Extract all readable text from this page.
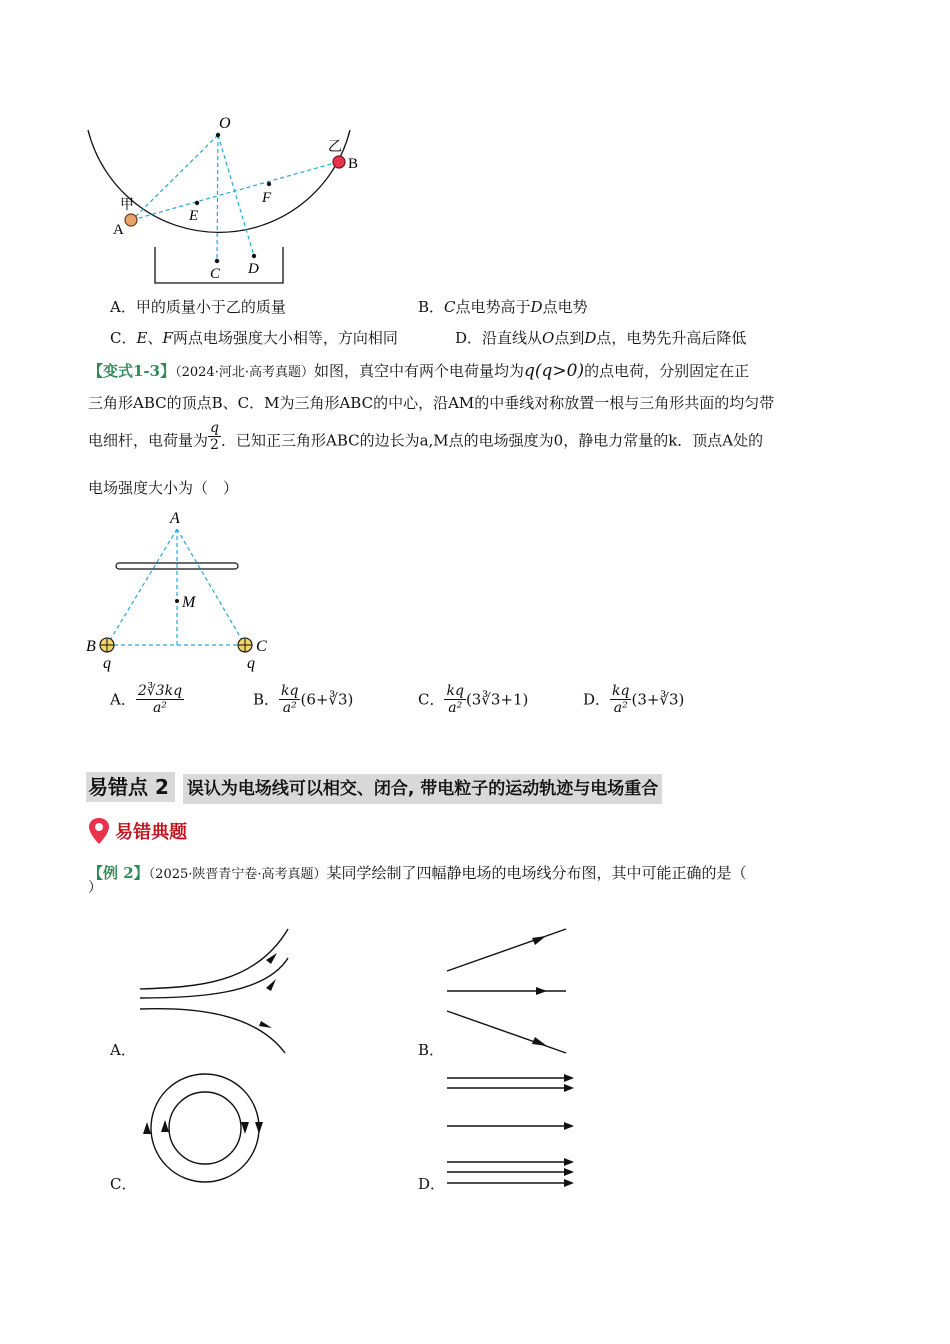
O
A
B
C D
E
F
甲
乙
A．甲的质量小于乙的质量	B．C点电势高于D点电势
C．E、F两点电场强度大小相等，方向相同	D．沿直线从O点到D点，电势先升高后降低
【变式1-3】（2024·河北·高考真题）如图，真空中有两个电荷量均为q(q>0)的点电荷，分别固定在正
三角形ABC的顶点B、C．M为三角形ABC的中心，沿AM的中垂线对称放置一根与三角形共面的均匀带
电细杆，电荷量为 $\frac{q}{2}$ ．已知正三角形ABC的边长为a,M点的电场强度为0，静电力常量的k．顶点A处的
电场强度大小为（　）
A
M
B	C
q	q
A． $\frac{2∛3kq}{\text{a²}}$	B． $\frac{kq}{\text{a²}}$ (6+∛3)	C． $\frac{kq}{\text{a²}}$ (3∛3+1)	D． $\frac{kq}{\text{a²}}$ (3+∛3)
易错点 2 误认为电场线可以相交、闭合, 带电粒子的运动轨迹与电场重合
易错典题
【例 2】（2025·陕晋青宁卷·高考真题）某同学绘制了四幅静电场的电场线分布图，其中可能正确的是（
）
A．	B．
C．	D．
